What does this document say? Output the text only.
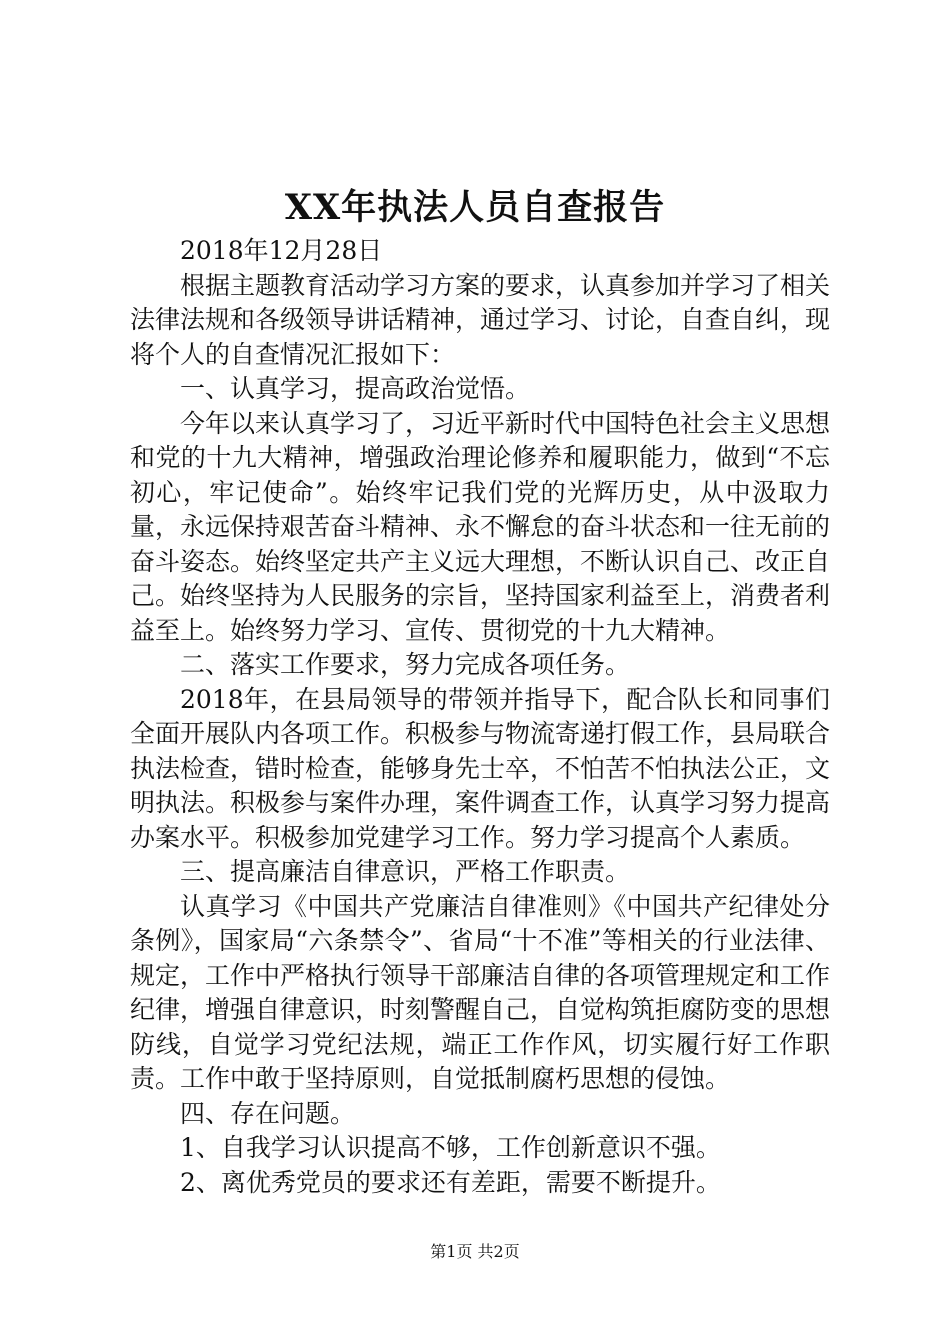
XX年执法人员自查报告

2018年12月28日

根据主题教育活动学习方案的要求，认真参加并学习了相关法律法规和各级领导讲话精神，通过学习、讨论，自查自纠，现将个人的自查情况汇报如下：

一、认真学习，提高政治觉悟。

今年以来认真学习了，习近平新时代中国特色社会主义思想和党的十九大精神，增强政治理论修养和履职能力，做到“不忘初心，牢记使命”。始终牢记我们党的光辉历史，从中汲取力量，永远保持艰苦奋斗精神、永不懈怠的奋斗状态和一往无前的奋斗姿态。始终坚定共产主义远大理想，不断认识自己、改正自己。始终坚持为人民服务的宗旨，坚持国家利益至上，消费者利益至上。始终努力学习、宣传、贯彻党的十九大精神。

二、落实工作要求，努力完成各项任务。

2018年，在县局领导的带领并指导下，配合队长和同事们全面开展队内各项工作。积极参与物流寄递打假工作，县局联合执法检查，错时检查，能够身先士卒，不怕苦不怕执法公正，文明执法。积极参与案件办理，案件调查工作，认真学习努力提高办案水平。积极参加党建学习工作。努力学习提高个人素质。

三、提高廉洁自律意识，严格工作职责。

认真学习《中国共产党廉洁自律准则》《中国共产纪律处分条例》，国家局“六条禁令”、省局“十不准”等相关的行业法律、规定，工作中严格执行领导干部廉洁自律的各项管理规定和工作纪律，增强自律意识，时刻警醒自己，自觉构筑拒腐防变的思想防线，自觉学习党纪法规，端正工作作风，切实履行好工作职责。工作中敢于坚持原则，自觉抵制腐朽思想的侵蚀。

四、存在问题。

1、自我学习认识提高不够，工作创新意识不强。

2、离优秀党员的要求还有差距，需要不断提升。

第1页 共2页
